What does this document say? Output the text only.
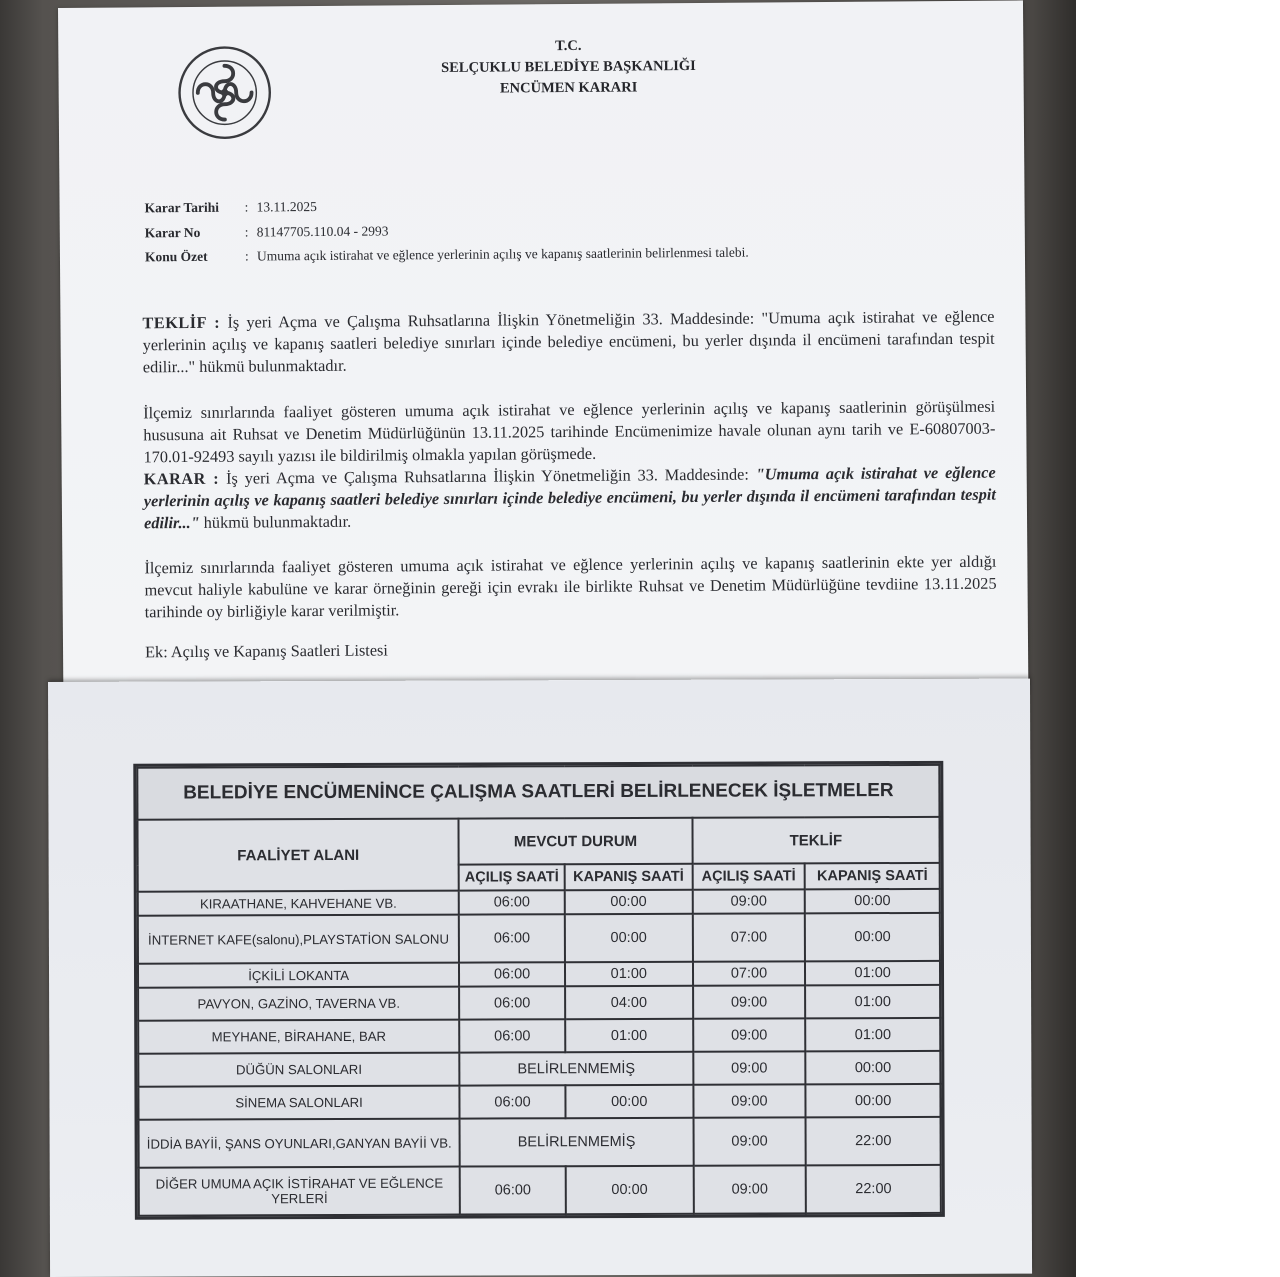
T.C.
SELÇUKLU BELEDİYE BAŞKANLIĞI
ENCÜMEN KARARI
Karar Tarihi	: 13.11.2025
Karar No	: 81147705.110.04 - 2993
Konu Özet	: Umuma açık istirahat ve eğlence yerlerinin açılış ve kapanış saatlerinin belirlenmesi talebi.
TEKLİF : İş yeri Açma ve Çalışma Ruhsatlarına İlişkin Yönetmeliğin 33. Maddesinde: "Umuma açık istirahat ve eğlence yerlerinin açılış ve kapanış saatleri belediye sınırları içinde belediye encümeni, bu yerler dışında il encümeni tarafından tespit edilir..." hükmü bulunmaktadır.
İlçemiz sınırlarında faaliyet gösteren umuma açık istirahat ve eğlence yerlerinin açılış ve kapanış saatlerinin görüşülmesi hususuna ait Ruhsat ve Denetim Müdürlüğünün 13.11.2025 tarihinde Encümenimize havale olunan aynı tarih ve E-60807003-170.01-92493 sayılı yazısı ile bildirilmiş olmakla yapılan görüşmede.
KARAR : İş yeri Açma ve Çalışma Ruhsatlarına İlişkin Yönetmeliğin 33. Maddesinde: "Umuma açık istirahat ve eğlence yerlerinin açılış ve kapanış saatleri belediye sınırları içinde belediye encümeni, bu yerler dışında il encümeni tarafından tespit edilir..." hükmü bulunmaktadır.
İlçemiz sınırlarında faaliyet gösteren umuma açık istirahat ve eğlence yerlerinin açılış ve kapanış saatlerinin ekte yer aldığı mevcut haliyle kabulüne ve karar örneğinin gereği için evrakı ile birlikte Ruhsat ve Denetim Müdürlüğüne tevdiine 13.11.2025 tarihinde oy birliğiyle karar verilmiştir.
Ek: Açılış ve Kapanış Saatleri Listesi
BELEDİYE ENCÜMENİNCE ÇALIŞMA SAATLERİ BELİRLENECEK İŞLETMELER				
FAALİYET ALANI	MEVCUT DURUM		TEKLİF	
	AÇILIŞ SAATİ	KAPANIŞ SAATİ	AÇILIŞ SAATİ	KAPANIŞ SAATİ
KIRAATHANE, KAHVEHANE VB.	06:00	00:00	09:00	00:00
İNTERNET KAFE(salonu),PLAYSTATİON SALONU	06:00	00:00	07:00	00:00
İÇKİLİ LOKANTA	06:00	01:00	07:00	01:00
PAVYON, GAZİNO, TAVERNA VB.	06:00	04:00	09:00	01:00
MEYHANE, BİRAHANE, BAR	06:00	01:00	09:00	01:00
DÜĞÜN SALONLARI	BELİRLENMEMİŞ		09:00	00:00
SİNEMA SALONLARI	06:00	00:00	09:00	00:00
İDDİA BAYİİ, ŞANS OYUNLARI,GANYAN BAYİİ VB.	BELİRLENMEMİŞ		09:00	22:00
DİĞER UMUMA AÇIK İSTİRAHAT VE EĞLENCE YERLERİ	06:00	00:00	09:00	22:00
